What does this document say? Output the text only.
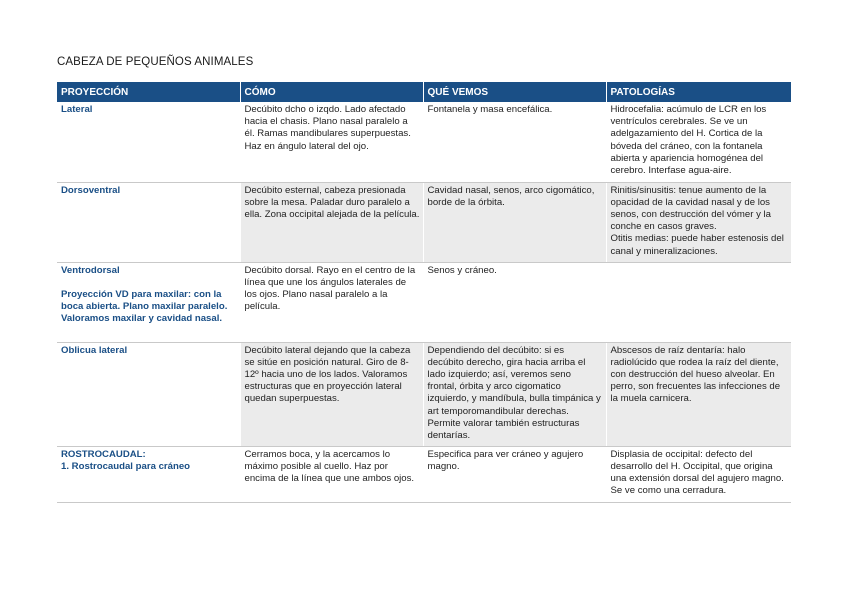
CABEZA DE PEQUEÑOS ANIMALES
PROYECCIÓN	CÓMO	QUÉ VEMOS	PATOLOGÍAS
Lateral	Decúbito dcho o izqdo. Lado afectado hacia el chasis. Plano nasal paralelo a él. Ramas mandibulares superpuestas. Haz en ángulo lateral del ojo.	Fontanela y masa encefálica.	Hidrocefalia: acúmulo de LCR en los ventrículos cerebrales. Se ve un adelgazamiento del H. Cortica de la bóveda del cráneo, con la fontanela abierta y apariencia homogénea del cerebro. Interfase agua-aire.
Dorsoventral	Decúbito esternal, cabeza presionada sobre la mesa. Paladar duro paralelo a ella. Zona occipital alejada de la película.	Cavidad nasal, senos, arco cigomático, borde de la órbita.	Rinitis/sinusitis: tenue aumento de la opacidad de la cavidad nasal y de los senos, con destrucción del vómer y la conche en casos graves.
Otitis medias: puede haber estenosis del canal y mineralizaciones.

Ventrodorsal
Proyección VD para maxilar: con la boca abierta. Plano maxilar paralelo. Valoramos maxilar y cavidad nasal.	Decúbito dorsal. Rayo en el centro de la línea que une los ángulos laterales de los ojos. Plano nasal paralelo a la película.	Senos y cráneo.	
Oblicua lateral	Decúbito lateral dejando que la cabeza se sitúe en posición natural. Giro de 8-12º hacia uno de los lados. Valoramos estructuras que en proyección lateral quedan superpuestas.	Dependiendo del decúbito: si es decúbito derecho, gira hacia arriba el lado izquierdo; así, veremos seno frontal, órbita y arco cigomatico izquierdo, y mandíbula, bulla timpánica y art temporomandibular derechas. Permite valorar también estructuras dentarías.	Abscesos de raíz dentaría: halo radiolúcido que rodea la raíz del diente, con destrucción del hueso alveolar. En perro, son frecuentes las infecciones de la muela carnicera.

ROSTROCAUDAL:
1. Rostrocaudal para cráneo	Cerramos boca, y la acercamos lo máximo posible al cuello. Haz por encima de la línea que une ambos ojos.	Especifica para ver cráneo y agujero magno.	Displasia de occipital: defecto del desarrollo del H. Occipital, que origina una extensión dorsal del agujero magno. Se ve como una cerradura.
